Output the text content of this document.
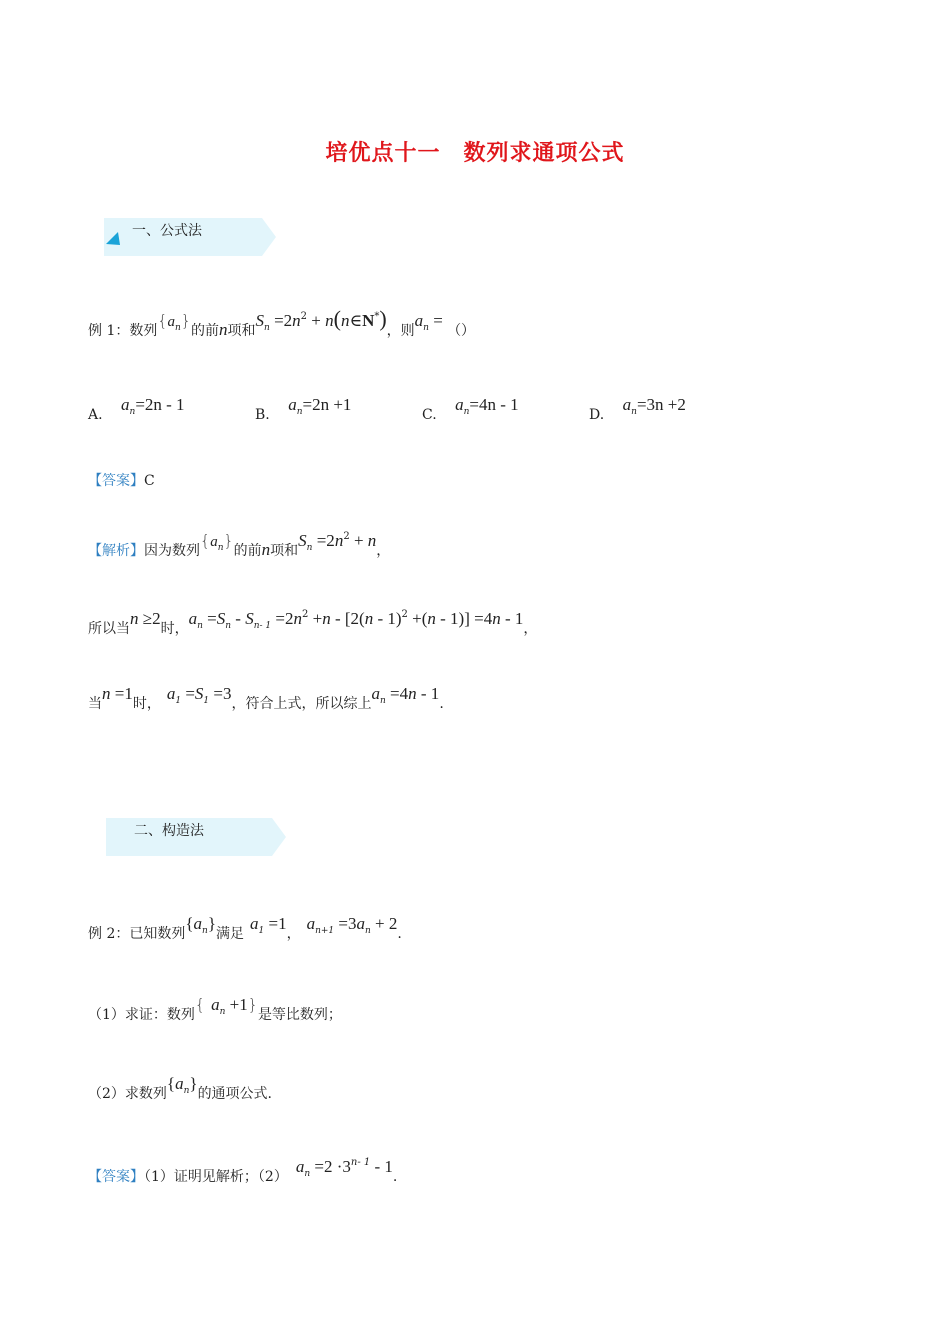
培优点十一　数列求通项公式
一、公式法
例 1：数列$\{a_n\}$的前n项和$S_n =2n^2$ + n(n∈N*)，则$a_n$ = （）
A. $a_n=2n - 1$
B. $a_n=2n +1$
C. $a_n=4n - 1$
D. $a_n=3n +2$
【答案】C
【解析】因为数列$\{a_n\}$的前n项和$S_n =2n^2 + n$，
所以当n ≥2时，$a_n =S_n - S_{n- 1} =2n^2 +n - [2(n - 1)^2 +(n - 1)] =4n - 1$，
当n =1时，$a_1 =S_1 =3$，符合上式，所以综上$a_n =4n - 1$.
二、构造法
例 2：已知数列$\{a_n\}$满足$a_1 =1$，$a_{n+1} =3a_n + 2$.
（1）求证：数列{ $a_n +1$}是等比数列；
（2）求数列$\{a_n\}$的通项公式.
【答案】（1）证明见解析；$(2)a_n =2 \cdot 3^{n- 1} - 1$.
